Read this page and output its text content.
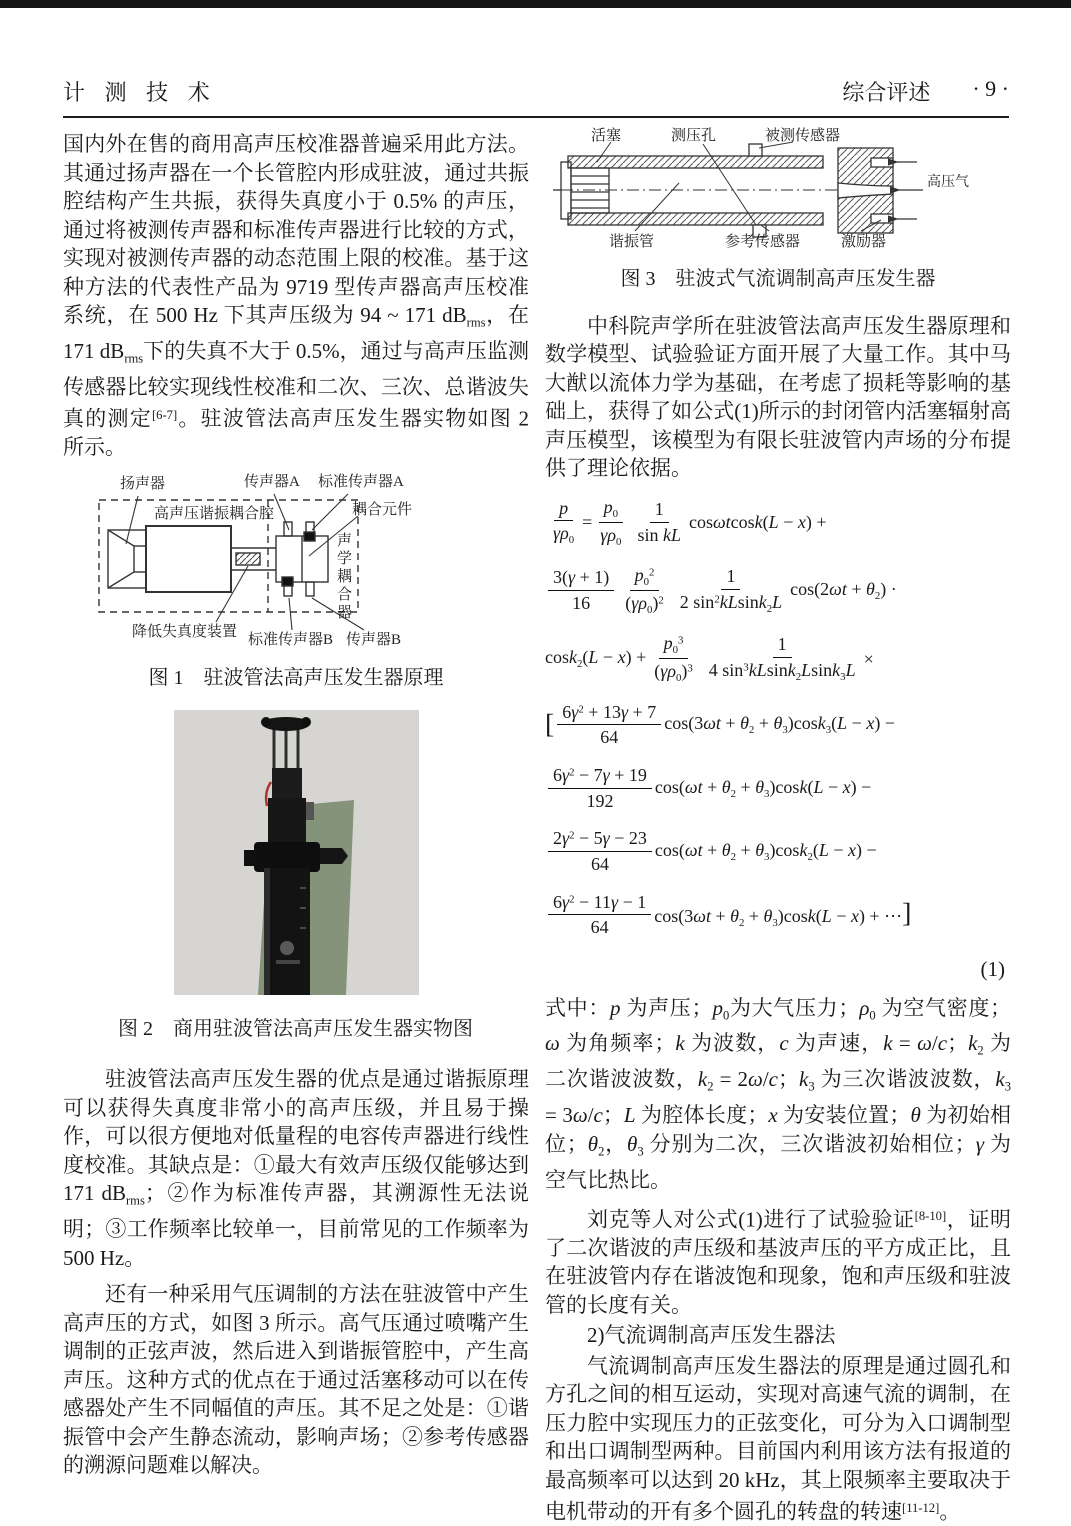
计 测 技 术	综合评述 · 9 ·

国内外在售的商用高声压校准器普遍采用此方法。其通过扬声器在一个长管腔内形成驻波，通过共振腔结构产生共振，获得失真度小于 0.5% 的声压，通过将被测传声器和标准传声器进行比较的方式，实现对被测传声器的动态范围上限的校准。基于这种方法的代表性产品为 9719 型传声器高声压校准系统，在 500 Hz 下其声压级为 94 ~ 171 $dB_{rms}$，在 171 $dB_{rms}$下的失真不大于 0.5%，通过与高声压监测传感器比较实现线性校准和二次、三次、总谐波失真的测定[6-7]。驻波管法高声压发生器实物如图 2 所示。

扬声器	传声器A 标准传声器A
耦合元件
高声压谐振耦合腔
声学耦合器
降低失真度装置 标准传声器B 传声器B
图 1　驻波管法高声压发生器原理
图 2　商用驻波管法高声压发生器实物图

驻波管法高声压发生器的优点是通过谐振原理可以获得失真度非常小的高声压级，并且易于操作，可以很方便地对低量程的电容传声器进行线性度校准。其缺点是：①最大有效声压级仅能够达到 171 $dB_{rms}$；②作为标准传声器，其溯源性无法说明；③工作频率比较单一，目前常见的工作频率为 500 Hz。

还有一种采用气压调制的方法在驻波管中产生高声压的方式，如图 3 所示。高气压通过喷嘴产生调制的正弦声波，然后进入到谐振管腔中，产生高声压。这种方式的优点在于通过活塞移动可以在传感器处产生不同幅值的声压。其不足之处是：①谐振管中会产生静态流动，影响声场；②参考传感器的溯源问题难以解决。

活塞	测压孔	被测传感器
谐振管	参考传感器	激励器
高压气
图 3　驻波式气流调制高声压发生器

中科院声学所在驻波管法高声压发生器原理和数学模型、试验验证方面开展了大量工作。其中马大猷以流体力学为基础，在考虑了损耗等影响的基础上，获得了如公式(1)所示的封闭管内活塞辐射高声压模型，该模型为有限长驻波管内声场的分布提供了理论依据。

$\frac{p}{\gamma\rho_0} = \frac{p_0}{\gamma\rho_0} \frac{1}{\text{sin kL}} \cos\omega tcosk(L - x)$ +
$\frac{3(\gamma + 1)}{16} \frac{p_0^2}{(\gamma\rho_0)^2} \frac{1}{2 \sin^2kLsink_2L} \cos(2\omega t + \theta_2)$ ·
$\cos k_2(L - x) + \frac{p_0^3}{(\gamma\rho_0)^3} \frac{1}{4 \sin^3kLsink_2Lsink_3L}$ ×
[ $\frac{6\gamma^2 + 13\gamma + 7}{64} \cos(3\omega t + \theta_2 + \theta_3)\cos k_3(L - x)$ −
$\frac{6\gamma^2 - 7\gamma + 19}{192} \cos(\omega t + \theta_2 + \theta_3)\cos k(L - x)$ −
$\frac{2\gamma^2 - 5\gamma - 23}{64} \cos(\omega t + \theta_2 + \theta_3)\cos k_2(L - x)$ −
$\frac{6\gamma^2 - 11\gamma - 1}{64} \cos(3\omega t + \theta_2 + \theta_3)\cos k(L - x)$ + ⋯]
(1)

式中：p 为声压；$p_0$为大气压力；$\rho_0$ 为空气密度；ω 为角频率；k 为波数，c 为声速，k = ω/c；$k_2$ 为二次谐波波数，$k_2 = 2\omega/c$；$k_3$ 为三次谐波波数，$k_3 = 3\omega/c$；L 为腔体长度；x 为安装位置；θ 为初始相位；$\theta_2$，$\theta_3$ 分别为二次，三次谐波初始相位；γ 为空气比热比。

刘克等人对公式(1)进行了试验验证[8-10]，证明了二次谐波的声压级和基波声压的平方成正比，且在驻波管内存在谐波饱和现象，饱和声压级和驻波管的长度有关。

2)气流调制高声压发生器法

气流调制高声压发生器法的原理是通过圆孔和方孔之间的相互运动，实现对高速气流的调制，在压力腔中实现压力的正弦变化，可分为入口调制型和出口调制型两种。目前国内利用该方法有报道的最高频率可以达到 20 kHz，其上限频率主要取决于电机带动的开有多个圆孔的转盘的转速[11-12]。
